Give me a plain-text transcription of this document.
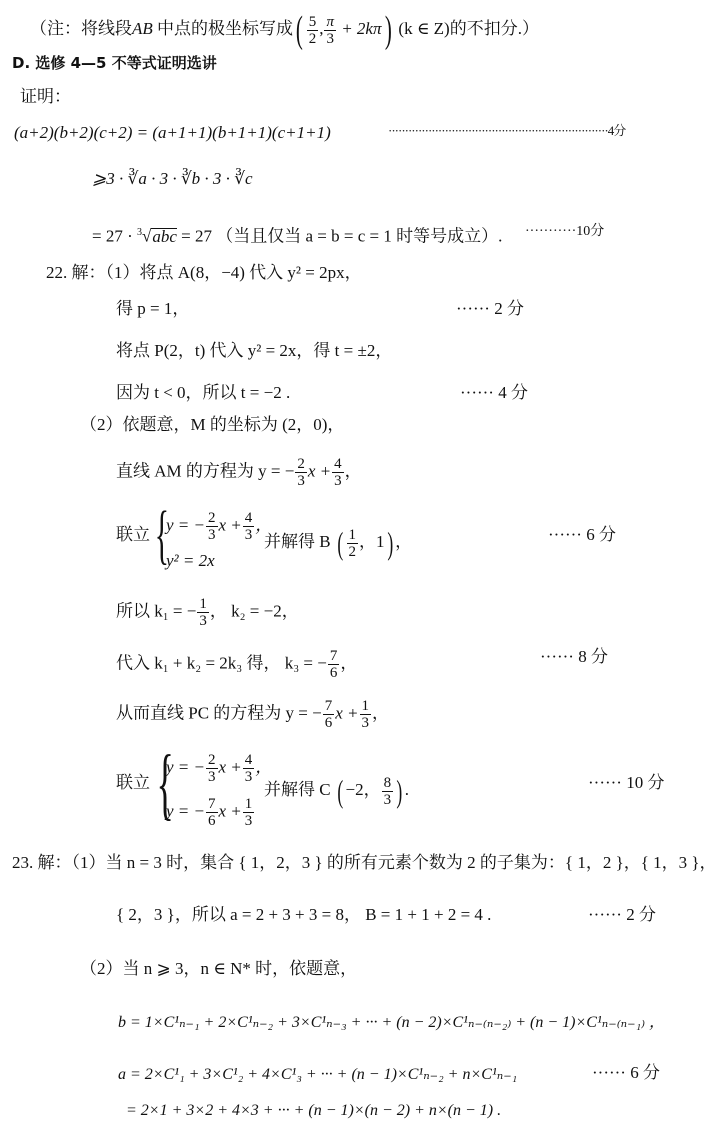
（注：将线段AB 中点的极坐标写成( $\frac{5}{2}$ , $\frac{\pi}{3} + 2k\pi$) (k ∈ Z)的不扣分.）
D. 选修 4—5 不等式证明选讲
证明：
(a+2)(b+2)(c+2) = (a+1+1)(b+1+1)(c+1+1)	··································································4分
⩾3 · ∛a · 3 · ∛b · 3 · ∛c
= 27 · $^3$√abc = 27 （当且仅当 a = b = c = 1 时等号成立）. ···········10分
22. 解：（1）将点 A(8，−4) 代入 y² = 2px，
得 p = 1，	······ 2 分
将点 P(2，t) 代入 y² = 2x，得 t = ±2，
因为 t < 0，所以 t = −2 .	······ 4 分
（2）依题意，M 的坐标为 (2，0)，
直线 AM 的方程为 y = − $\frac{2}{3}$ $x + \frac{4}{3}$ ，
联立 {
y = − $\frac{2}{3}$ $x + \frac{4}{3}$ ，
y² = 2x
并解得 B ( $\frac{1}{2}$ ，1) ，	······ 6 分
所以 k₁ = − $\frac{1}{3}$ ， k₂ = −2，
代入 k₁ + k₂ = 2k₃ 得， k₃ = − $\frac{7}{6}$ ，	······ 8 分
从而直线 PC 的方程为 y = − $\frac{7}{6}$ $x + \frac{1}{3}$ ，
联立 {
y = − $\frac{2}{3}$ $x + \frac{4}{3}$ ，
y = − $\frac{7}{6}$ $x + \frac{1}{3}$
并解得 C ( −2， $\frac{8}{3}$ ) .	······ 10 分
23. 解：（1）当 n = 3 时，集合 { 1，2，3 } 的所有元素个数为 2 的子集为：{ 1，2 }，{ 1，3 }，
{ 2，3 }，所以 a = 2 + 3 + 3 = 8， B = 1 + 1 + 2 = 4 .	······ 2 分
（2）当 n ⩾ 3，n ∈ N* 时，依题意，
b = 1×C¹ₙ₋₁ + 2×C¹ₙ₋₂ + 3×C¹ₙ₋₃ + ··· + (n − 2)×C¹ₙ₋₍ₙ₋₂₎ + (n − 1)×C¹ₙ₋₍ₙ₋₁₎ ，
a = 2×C¹₁ + 3×C¹₂ + 4×C¹₃ + ··· + (n − 1)×C¹ₙ₋₂ + n×C¹ₙ₋₁	······ 6 分
= 2×1 + 3×2 + 4×3 + ··· + (n − 1)×(n − 2) + n×(n − 1) .
